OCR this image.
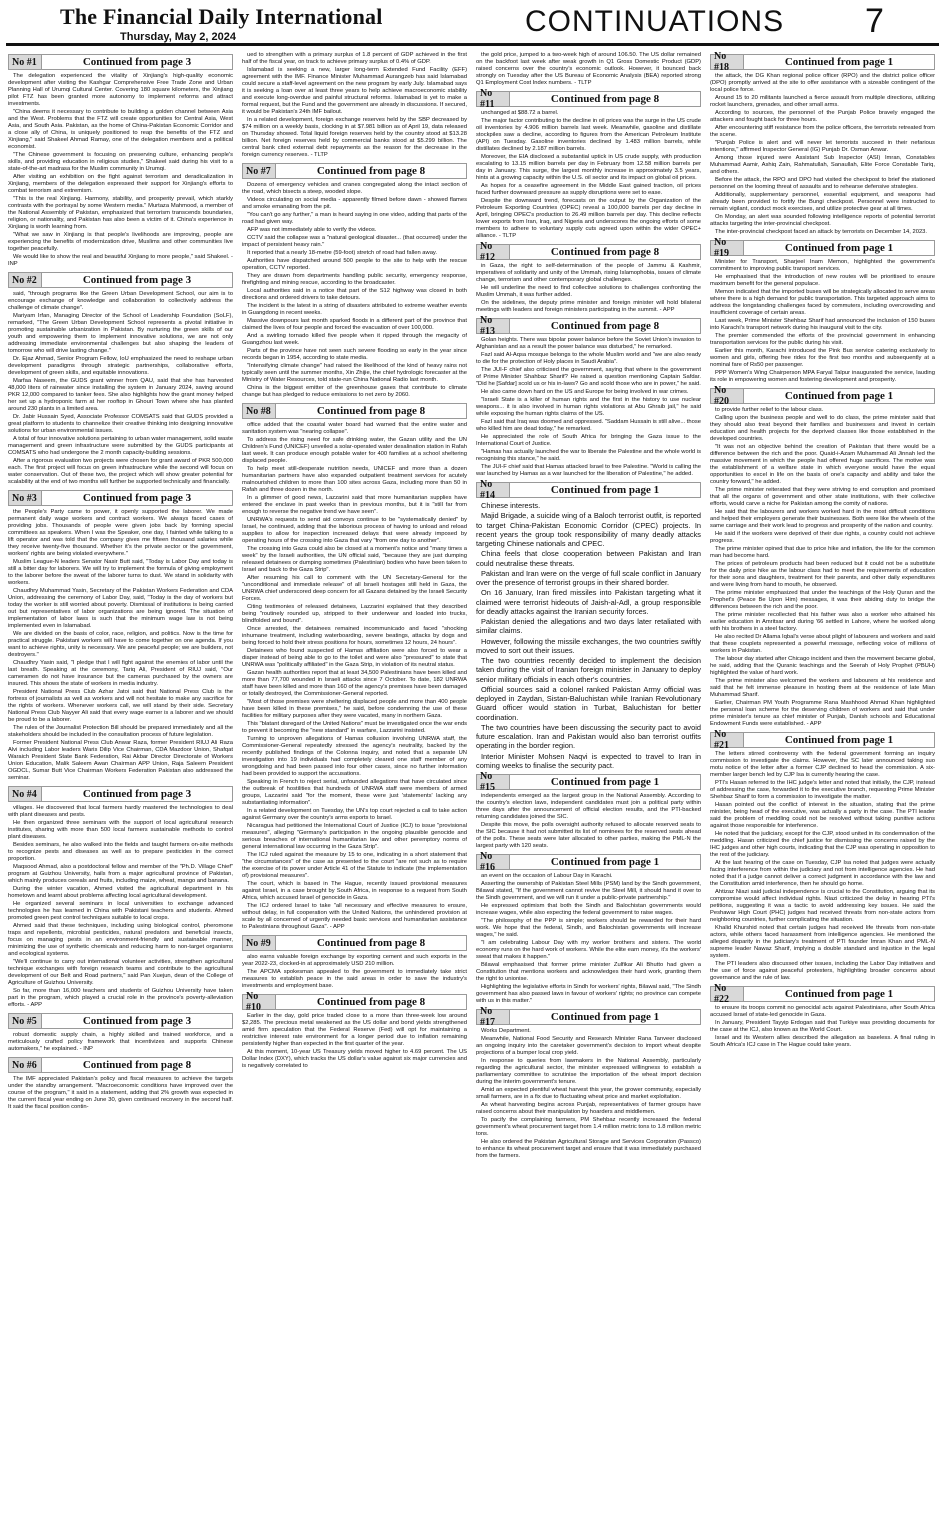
The Financial Daily International
Thursday, May 2, 2024	CONTINUATIONS 7
No #1	Continued from page 3

The delegation experienced the vitality of Xinjiang's high-quality economic development after visiting the Kashgar Comprehensive Free Trade Zone and Urban Planning Hall of Urumqi Cultural Center. Covering 180 square kilometers, the Xinjiang pilot FTZ has been granted more autonomy to implement reforms and attract investments.

"China deems it necessary to contribute to building a golden channel between Asia and the West. Problems that the FTZ will create opportunities for Central Asia, West Asia, and South Asia. Pakistan, as the home of China-Pakistan Economic Corridor and a close ally of China, is uniquely positioned to reap the benefits of the FTZ and Xinjiang," said Shakeel Ahmad Ramay, one of the delegation members and a political economist.

"The Chinese government is focusing on preserving culture, enhancing people's skills, and providing education in religious studies," Shakeel said during his visit to a state-of-the-art madrasa for the Muslim community in Urumqi.

After visiting an exhibition on the fight against terrorism and deradicalization in Xinjiang, members of the delegation expressed their support for Xinjiang's efforts to combat terrorism and extremism.

"This is the real Xinjiang. Harmony, stability, and prosperity prevail, which starkly contrasts with the portrayal by some Western media." Murtaza Mahmood, a member of the National Assembly of Pakistan, emphasized that terrorism transcends boundaries, religion, or nationality, and Pakistan has also been a victim of it. China's experience in Xinjiang is worth learning from.

"What we saw in Xinjiang is that people's livelihoods are improving, people are experiencing the benefits of modernization drive, Muslims and other communities live together peacefully.

We would like to show the real and beautiful Xinjiang to more people," said Shakeel. - INP

No #2	Continued from page 3

said, "through programs like the Green Urban Development School, our aim is to encourage exchange of knowledge and collaboration to collectively address the challenge of climate change".

Mariyam Irfan, Managing Director of the School of Leadership Foundation (SoLF), remarked, "The Green Urban Development School represents a pivotal initiative in promoting sustainable urbanization in Pakistan. By nurturing the green skills of our youth and empowering them to implement innovative solutions, we are not only addressing immediate environmental challenges but also shaping the leaders of tomorrow who will drive lasting change."

Dr. Ejaz Ahmad, Senior Program Fellow, IoU emphasized the need to reshape urban development paradigms through strategic partnerships, collaborative efforts, development of green skills, and equitable innovations.

Marfaa Naseem, the GUDS grant winner from QAU, said that she has harvested 48,000 liters of rainwater since installing the system in January 2024, saving around PKR 12,000 compared to tanker fees. She also highlights how the grant money helped her set up a hydroponic farm at her rooftop in Ghouri Town where she has planted around 230 plants in a limited area.

Dr. Jabir Hussain Syed, Associate Professor COMSATS said that GUDS provided a great platform to students to channelize their creative thinking into designing innovative solutions for urban environmental issues.

A total of four innovative solutions pertaining to urban water management, solid waste management and green infrastructure were submitted by the GUDS participants at COMSATS who had undergone the 2 month capacity-building sessions.

After a rigorous evaluation two projects were chosen for grant award of PKR 500,000 each. The first project will focus on green infrastructure while the second will focus on water conservation. Out of these two, the project which will show greater potential for scalability at the end of two months will further be supported technically and financially.

No #3	Continued from page 3

the People's Party came to power, it openly supported the laborer. We made permanent daily wage workers and contract workers. We always faced cases of providing jobs. Thousands of people were given jobs back by forming special committees as speakers. When I was the Speaker, one day, I fainted while talking to a lift operator and was told that the company gives me fifteen thousand salaries while they receive twenty-five thousand. Whether it's the private sector or the government, workers' rights are being violated everywhere."

Muslim League-N leaders Senator Nasir Butt said, "Today is Labor Day and today is still a bitter day for laborers. We will try to implement the formula of giving employment to the laborer before the sweat of the laborer turns to dust. We stand in solidarity with workers.

Chaudhry Muhammad Yasin, Secretary of the Pakistan Workers Federation and CDA Union, addressing the ceremony of Labor Day, said, "Today is the day of workers but today the worker is still worried about poverty. Dismissal of institutions is being carried out but representatives of labor organizations are being ignored. The situation of implementation of labor laws is such that the minimum wage law is not being implemented even in Islamabad.

We are divided on the basis of color, race, religion, and politics. Now is the time for practical struggle. Pakistani workers will have to come together on one agenda. If you want to achieve rights, unity is necessary. We are peaceful people; we are builders, not destroyers."

Chaudhry Yasin said, "I pledge that I will fight against the enemies of labor until the last breath. Speaking at the ceremony, Tariq Ali, President of RIUJ said, "Our cameramen do not have insurance but the cameras purchased by the owners are insured. This shows the state of workers in media industry.

President National Press Club Azhar Jatoi said that National Press Club is the fortress of journalists as well as workers and will not hesitate to make any sacrifice for the rights of workers. Whenever workers call, we will stand by their side. Secretary National Press Club Nayyer Ali said that every wage earner is a laborer and we should be proud to be a laborer.

The rules of the Journalist Protection Bill should be prepared immediately and all the stakeholders should be included in the consultation process of future legislation.

Former President National Press Club Anwar Raza, former President RIUJ Ali Raza Alvi including Labor leaders Waris Dilip Vice Chairman, CDA Mazdoor Union, Shafqat Waraich President State Bank Federation, Rai Akbar Director Directorate of Workers Union Education, Malik Saleem Awan Chairman APP Union, Raja Saleem President OGDCL, Sumar Butt Vice Chairman Workers Federation Pakistan also addressed the seminar.

No #4	Continued from page 3

villages. He discovered that local farmers hardly mastered the technologies to deal with plant diseases and pests.

He then organized three seminars with the support of local agricultural research institutes, sharing with more than 500 local farmers sustainable methods to control plant diseases.

Besides seminars, he also walked into the fields and taught farmers on-site methods to recognize pests and diseases as well as to prepare pesticides in the correct proportion.

Maqsood Ahmad, also a postdoctoral fellow and member of the "Ph.D. Village Chief" program at Guizhou University, hails from a major agricultural province of Pakistan, which mainly produces cereals and fruits, including maize, wheat, mango and banana.

During the winter vacation, Ahmed visited the agricultural department in his hometown and learnt about problems affecting local agricultural development.

He organized several seminars in local universities to exchange advanced technologies he has learned in China with Pakistani teachers and students. Ahmed promoted green pest control techniques suitable to local crops.

Ahmed said that these techniques, including using biological control, pheromone traps and repellents, microbial pesticides, natural predators and beneficial insects, focus on managing pests in an environment-friendly and sustainable manner, minimizing the use of synthetic chemicals and reducing harm to non-target organisms and ecological systems.

"We'll continue to carry out international volunteer activities, strengthen agricultural technique exchanges with foreign research teams and contribute to the agricultural development of our Belt and Road partners," said Pan Xuejun, dean of the College of Agriculture of Guizhou University.

So far, more than 16,000 teachers and students of Guizhou University have taken part in the program, which played a crucial role in the province's poverty-alleviation efforts. - APP

No #5	Continued from page 3

robust domestic supply chain, a highly skilled and trained workforce, and a meticulously crafted policy framework that incentivizes and supports Chinese automakers," he explained. - INP

No #6	Continued from page 8

The IMF appreciated Pakistan's policy and fiscal measures to achieve the targets under the standby arrangement. "Macroeconomic conditions have improved over the course of the program," it said in a statement, adding that 2% growth was expected in the current fiscal year ending on June 30, given continued recovery in the second half. It said the fiscal position contin-

ued to strengthen with a primary surplus of 1.8 percent of GDP achieved in the first half of the fiscal year, on track to achieve primary surplus of 0.4% of GDP.

Islamabad is seeking a new, larger long-term Extended Fund Facility (EFF) agreement with the IMF. Finance Minister Muhammad Aurangzeb has said Islamabad could secure a staff-level agreement on the new program by early July. Islamabad says it is seeking a loan over at least three years to help achieve macroeconomic stability and execute long-overdue and painful structural reforms. Islamabad is yet to make a formal request, but the Fund and the government are already in discussions. If secured, it would be Pakistan's 24th IMF bailout.

In a related development, foreign exchange reserves held by the SBP decreased by $74 million on a weekly basis, clocking in at $7.981 billion as of April 19, data released on Thursday showed. Total liquid foreign reserves held by the country stood at $13.28 billion. Net foreign reserves held by commercial banks stood at $5.299 billion. The central bank cited external debt repayments as the reason for the decrease in the foreign currency reserves. - TLTP

No #7	Continued from page 8

Dozens of emergency vehicles and cranes congregated along the intact section of the road, which bisects a steep, wooded slope.

Videos circulating on social media - apparently filmed before dawn - showed flames and smoke emanating from the pit.

"You can't go any further," a man is heard saying in one video, adding that parts of the road had given way.

AFP was not immediately able to verify the videos.

CCTV said the collapse was a "natural geological disaster... (that occurred) under the impact of persistent heavy rain."

It reported that a nearly 18-metre (59-foot) stretch of road had fallen away.

Authorities have dispatched around 500 people to the site to help with the rescue operation, CCTV reported.

They are drawn from departments handling public security, emergency response, firefighting and mining rescue, according to the broadcaster.

Local authorities said in a notice that part of the S12 highway was closed in both directions and ordered drivers to take detours.

The incident is the latest in a string of disasters attributed to extreme weather events in Guangdong in recent weeks.

Massive downpours last month sparked floods in a different part of the province that claimed the lives of four people and forced the evacuation of over 100,000.

And a swirling tornado killed five people when it ripped through the megacity of Guangzhou last week.

Parts of the province have not seen such severe flooding so early in the year since records began in 1954, according to state media.

"Intensifying climate change" had raised the likelihood of the kind of heavy rains not typically seen until the summer months, Xin Zhijie, the chief hydrologic forecaster at the Ministry of Water Resources, told state-run China National Radio last month.

China is the biggest emitter of the greenhouse gases that contribute to climate change but has pledged to reduce emissions to net zero by 2060.

No #8	Continued from page 8

office added that the coastal water board had warned that the entire water and sanitation system was "nearing collapse".

To address the rising need for safe drinking water, the Gazan utility and the UN Children's Fund (UNICEF) unveiled a solar-operated water desalination station in Rafah last week. It can produce enough potable water for 400 families at a school sheltering displaced people.

To help meet still-desperate nutrition needs, UNICEF and more than a dozen humanitarian partners have also expanded outpatient treatment services for acutely malnourished children to more than 100 sites across Gaza, including more than 50 in Rafah and three dozen in the north.

In a glimmer of good news, Lazzarini said that more humanitarian supplies have entered the enclave in past weeks than in previous months, but it is "still far from enough to reverse the negative trend we have seen".

UNRWA's requests to send aid convoys continue to be "systematically denied" by Israel, he continued, adding that the laborious process of having to unload and reload supplies to allow for inspection increased delays that were already imposed by operating hours of the crossing into Gaza that vary "from one day to another".

The crossing into Gaza could also be closed at a moment's notice and "many times a week" by the Israeli authorities, the UN official said, "because they are just dumping released detainees or dumping sometimes (Palestinian) bodies who have been taken to Israel and back to the Gaza Strip".

After resuming his call to comment with the UN Secretary-General for the "unconditional and immediate release" of all Israeli hostages still held in Gaza, the UNRWA chief underscored deep concern for all Gazans detained by the Israeli Security Forces.

Citing testimonies of released detainees, Lazzarini explained that they described being "routinely rounded up, stripped to their underwear and loaded into trucks, blindfolded and bound".

Once arrested, the detainees remained incommunicado and faced "shocking inhumane treatment, including waterboarding, severe beatings, attacks by dogs and being forced to hold their stress positions for hours, sometimes 12 hours, 24 hours".

Detainees who found suspected of Hamas affiliation were also forced to wear a diaper instead of being able to go to the toilet and were also "pressured" to state that UNRWA was "politically affiliated" in the Gaza Strip, in violation of its neutral status.

Gazan health authorities report that at least 34,500 Palestinians have been killed and more than 77,700 wounded in Israeli attacks since 7 October. To date, 182 UNRWA staff have been killed and more than 160 of the agency's premises have been damaged or totally destroyed, the Commissioner-General reported.

"Most of those premises were sheltering displaced people and more than 400 people have been killed in these premises," he said, before condemning the use of these facilities for military purposes after they were vacated, many in northern Gaza.

This "blatant disregard of the United Nations" must be investigated once the war ends to prevent it becoming the "new standard" in warfare, Lazzarini insisted.

Turning to unproven allegations of Hamas collusion involving UNRWA staff, the Commissioner-General repeatedly stressed the agency's neutrality, backed by the recently published findings of the Colonna inquiry, and noted that a separate UN investigation into 19 individuals had completely cleared one staff member of any wrongdoing and had been passed into four other cases, since no further information had been provided to support the accusations.

Speaking in French to reject serial, unfounded allegations that have circulated since the outbreak of hostilities that hundreds of UNRWA staff were members of armed groups, Lazzarini said "for the moment, these were just 'statements' lacking any substantiating information".

In a related development on Tuesday, the UN's top court rejected a call to take action against Germany over the country's arms exports to Israel.

Nicaragua had petitioned the International Court of Justice (ICJ) to issue "provisional measures", alleging "Germany's participation in the ongoing plausible genocide and serious breaches of international humanitarian law and other peremptory norms of general international law occurring in the Gaza Strip".

The ICJ ruled against the measure by 15 to one, indicating in a short statement that "the circumstances" of the case as presented to the court "are not such as to require the exercise of its power under Article 41 of the Statute to indicate (the implementation of) provisional measures".

The court, which is based in The Hague, recently issued provisional measures against Israel, in a case brought by South Africa, in response to a request from South Africa, which accused Israel of genocide in Gaza.

The ICJ ordered Israel to take "all necessary and effective measures to ensure, without delay, in full cooperation with the United Nations, the unhindered provision at scale by all concerned of urgently needed basic services and humanitarian assistance to Palestinians throughout Gaza". - APP

No #9	Continued from page 8

also earns valuable foreign exchange by exporting cement and such exports in the year 2022-23, clocked-in at approximately USD 210 million.

The APCMA spokesman appealed to the government to immediately take strict measures to establish peace in the said areas in order to save the industry's investments and employment base.

No #10	Continued from page 8

Earlier in the day, gold price traded close to a more than three-week low around $2,285. The precious metal weakened as the US dollar and bond yields strengthened amid firm speculation that the Federal Reserve (Fed) will opt for maintaining a restrictive interest rate environment for a longer period due to inflation remaining persistently higher than expected in the first quarter of the year.

At this moment, 10-year US Treasury yields moved higher to 4.69 percent. The US Dollar Index (DXY), which tracks the US dollar's value against six major currencies and is negatively correlated to

the gold price, jumped to a two-week high of around 106.50. The US dollar remained on the backfoot last week after weak growth in Q1 Gross Domestic Product (GDP) raised concerns over the country's economic outlook. However, it bounced back strongly on Tuesday after the US Bureau of Economic Analysis (BEA) reported strong Q1 Employment Cost Index numbers. - TLTP

No #11	Continued from page 8

unchanged at $88.72 a barrel.

The major factor contributing to the decline in oil prices was the surge in the US crude oil inventories by 4.906 million barrels last week. Meanwhile, gasoline and distillate stockpiles saw a decline, according to figures from the American Petroleum Institute (API) on Tuesday. Gasoline inventories declined by 1.483 million barrels, while distillates declined by 2.187 million barrels.

Moreover, the EIA disclosed a substantial uptick in US crude supply, with production escalating to 13.15 million barrels per day in February from 12.58 million barrels per day in January. This surge, the largest monthly increase in approximately 3.5 years, hints at a growing capacity within the U.S. oil sector and its impact on global oil prices.

As hopes for a ceasefire agreement in the Middle East gained traction, oil prices faced further downward pressure as supply disruptions were set to ease.

Despite the downward trend, forecasts on the output by the Organization of the Petroleum Exporting Countries (OPEC) reveal a 100,000 barrels per day decline in April, bringing OPEC's production to 26.49 million barrels per day. This decline reflects lower exports from Iran, Iraq, and Nigeria and underscores the ongoing efforts of some members to adhere to voluntary supply cuts agreed upon within the wider OPEC+ alliance. - TLTP

No #12	Continued from page 8

in Gaza, the right to self-determination of the people of Jammu & Kashmir, imperatives of solidarity and unity of the Ummah, rising Islamophobia, issues of climate change, terrorism and other contemporary global challenges.

He will underline the need to find collective solutions to challenges confronting the Muslim Ummah, it was further added.

On the sidelines, the deputy prime minister and foreign minister will hold bilateral meetings with leaders and foreign ministers participating in the summit. - APP

No #13	Continued from page 8

Golan heights. There was bipolar power balance before the Soviet Union's invasion to Afghanistan and as a result the power balance was disturbed," he remarked.

Fazl said Al-Aqsa mosque belongs to the whole Muslim world and "we are also ready to die for the protection of Holy places in Saudi Arabia".

The JUI-F chief also criticised the government, saying that where is the government of Prime Minister Shahbaz Sharif? He raised a question mentioning Captain Safdar. "Did he [Safdar] scold us or his in-laws? Go and scold those who are in power," he said.

He also came down hard on the US and Europe for being involved in war crimes.

"Israeli State is a killer of human rights and the first in the history to use nuclear weapons... it is also involved in human rights violations at Abu Ghraib jail," he said while exposing the human rights claims of the US.

Fazl said that Iraq was doomed and oppressed. "Saddam Hussain is still alive... those who killed him are dead today," he remarked.

He appreciated the role of South Africa for bringing the Gaza issue to the International Court of Justice.

"Hamas has actually launched the war to liberate the Palestine and the whole world is recognising this stance," he said.

The JUI-F chief said that Hamas attacked Israel to free Palestine. "World is calling the war launched by Hamas as a war launched for the liberation of Palestine," he added.

No #14	Continued from page 1

Chinese interests.

Majid Brigade, a suicide wing of a Baloch terrorist outfit, is reported to target China-Pakistan Economic Corridor (CPEC) projects. In recent years the group took responsibility of many deadly attacks targeting Chinese nationals and CPEC.

China feels that close cooperation between Pakistan and Iran could neutralise these threats.

Pakistan and Iran were on the verge of full scale conflict in January over the presence of terrorist groups in their shared border.

On 16 January, Iran fired missiles into Pakistan targeting what it claimed were terrorist hideouts of Jaish-al-Adl, a group responsible for deadly attacks against the Iranian security forces.

Pakistan denied the allegations and two days later retaliated with similar claims.

However, following the missile exchanges, the two countries swiftly moved to sort out their issues.

The two countries recently decided to implement the decision taken during the visit of Iranian foreign minister in January to deploy senior military officials in each other's countries.

Official sources said a colonel ranked Pakistan Army official was deployed in Zaydan, Sistan-Baluchistan while Iranian Revolutionary Guard officer would station in Turbat, Baluchistan for better coordination.

The two countries have been discussing the security pact to avoid future escalation. Iran and Pakistan would also ban terrorist outfits operating in the border region.

Interior Minister Mohsen Naqvi is expected to travel to Iran in coming weeks to finalise the security pact.

No #15	Continued from page 1

independents emerged as the largest group in the National Assembly. According to the country's election laws, independent candidates must join a political party within three days after the announcement of official election results, and the PTI-backed returning candidates joined the SIC.

Despite this move, the polls oversight authority refused to allocate reserved seats to the SIC because it had not submitted its list of nominees for the reserved seats ahead of the polls. These seats were later allocated to other parties, making the PML-N the largest party with 120 seats.

No #16	Continued from page 1

an event on the occasion of Labour Day in Karachi.

Asserting the ownership of Pakistan Steel Mills (PSM) land by the Sindh government, Bilawal stated, "If the government cannot revive the Steel Mill, it should hand it over to the Sindh government, and we will run it under a public-private partnership."

He expressed optimism that both the Sindh and Balochistan governments would increase wages, while also expecting the federal government to raise wages.

"The philosophy of the PPP is simple; workers should be rewarded for their hard work. We hope that the federal, Sindh, and Balochistan governments will increase wages," he said.

"I am celebrating Labour Day with my worker brothers and sisters. The world economy runs on the hard work of workers. While the elite earn money, it's the workers' sweat that makes it happen."

Bilawal emphasised that former prime minister Zulfikar Ali Bhutto had given a Constitution that mentions workers and acknowledges their hard work, granting them the right to unionise.

Highlighting the legislative efforts in Sindh for workers' rights, Bilawal said, "The Sindh government has also passed laws in favour of workers' rights; no province can compete with us in this matter."

No #17	Continued from page 1

Works Department.

Meanwhile, National Food Security and Research Minister Rana Tanveer disclosed an ongoing inquiry into the caretaker government's decision to import wheat despite projections of a bumper local crop yield.

In response to queries from lawmakers in the National Assembly, particularly regarding the agricultural sector, the minister expressed willingness to establish a parliamentary committee to scrutinise the importation of the wheat import decision during the interim government's tenure.

Amid an expected plentiful wheat harvest this year, the grower community, especially small farmers, are in a fix due to fluctuating wheat price and market exploitation.

As wheat harvesting begins across Punjab, representatives of farmer groups have raised concerns about their manipulation by hoarders and middlemen.

To pacify the complaining farmers, PM Shehbaz recently increased the federal government's wheat procurement target from 1.4 million metric tons to 1.8 million metric tons.

He also ordered the Pakistan Agricultural Storage and Services Corporation (Passco) to enhance its wheat procurement target and ensure that it was immediately purchased from the farmers.

No #18	Continued from page 1

the attack, the DG Khan regional police officer (RPO) and the district police officer (DPO) promptly arrived at the site to offer assistance with a sizeable contingent of the local police force.

Around 15 to 20 militants launched a fierce assault from multiple directions, utilizing rocket launchers, grenades, and other small arms.

According to sources, the personnel of the Punjab Police bravely engaged the attackers and fought back for three hours.

After encountering stiff resistance from the police officers, the terrorists retreated from the scene.

"Punjab Police is alert and will never let terrorists succeed in their nefarious intentions," affirmed Inspector General (IG) Punjab Dr. Osman Anwar.

Among those injured were Assistant Sub Inspector (ASI) Imran, Constables Muhammad Aamir, Ashiq Zain, Rahmatullah, Sanaullah, Elite Force Constable Tariq, and others.

Before the attack, the RPO and DPO had visited the checkpost to brief the stationed personnel on the looming threat of assaults and to rehearse defensive strategies.

Additionally, supplementary personnel, essential equipment, and weapons had already been provided to fortify the Bungi checkpost. Personnel were instructed to remain vigilant, conduct mock exercises, and utilize protective gear at all times.

On Monday, an alert was sounded following intelligence reports of potential terrorist attacks targeting the inter-provincial checkpost.

The inter-provincial checkpost faced an attack by terrorists on December 14, 2023.

No #19	Continued from page 1

Minister for Transport, Sharjeel Inam Memon, highlighted the government's commitment to improving public transport services.

He emphasised that the introduction of new routes will be prioritised to ensure maximum benefit for the general populace.

Memon indicated that the imported buses will be strategically allocated to serve areas where there is a high demand for public transportation. This targeted approach aims to address the longstanding challenges faced by commuters, including overcrowding and insufficient coverage of certain areas.

Last week, Prime Minister Shehbaz Sharif had announced the inclusion of 150 buses into Karachi's transport network during his inaugural visit to the city.

The premier commended the efforts of the provincial government in enhancing transportation services for the public during his visit.

Earlier this month, Karachi introduced the Pink Bus service catering exclusively to women and girls, offering free rides for the first two months and subsequently at a nominal fare of Rs50 per passenger.

PPP Women's Wing Chairperson MPA Faryal Talpur inaugurated the service, lauding its role in empowering women and fostering development and prosperity.

No #20	Continued from page 1

to provide further relief to the labour class.

Calling upon the business people and well to do class, the prime minister said that they should also treat beyond their families and businesses and invest in certain education and health projects for the deprived classes like those established in the developed countries.

"It was not an objective behind the creation of Pakistan that there would be a difference between the rich and the poor. Quaid-i-Azam Muhammad Ali Jinnah led the massive movement in which the people had offered huge sacrifices. The motive was the establishment of a welfare state in which everyone would have the equal opportunities to excel in life on the basis of one's capacity and ability and take the country forward," he added.

The prime minister reiterated that they were striving to end corruption and promised that all the organs of government and other state institutions, with their collective efforts, would carve a niche for Pakistan among the comity of nations.

He said that the labourers and workers worked hard in the most difficult conditions and helped their employers generate their businesses. Both were like the wheels of the same carriage and their work lead to progress and prosperity of the nation and country.

He said if the workers were deprived of their due rights, a country could not achieve progress.

The prime minister opined that due to price hike and inflation, the life for the common man had become hard.

The prices of petroleum products had been reduced but it could not be a substitute for the daily price hike as the labour class had to meet the requirements of education for their sons and daughters, treatment for their parents, and other daily expenditures and were living from hand to mouth, he observed.

The prime minister emphasized that under the teachings of the Holy Quran and the Prophet's (Peace Be Upon Him) messages, it was their abiding duty to bridge the differences between the rich and the poor.

The prime minister recollected that his father was also a worker who attained his earlier education in Amritsar and during '66 settled in Lahore, where he worked along with his brothers in a steel factory.

He also recited Dr Allama Iqbal's verse about plight of labourers and workers and said that these couplets represented a powerful message, reflecting voice of millions of workers in Pakistan.

The labour day started after Chicago incident and then the movement became global, he said, adding that the Quranic teachings and the Seerah of Holy Prophet (PBUH) highlighted the value of hard work.

The prime minister also welcomed the workers and labourers at his residence and said that he felt immense pleasure in hosting them at the residence of late Mian Muhammad Sharif.

Earlier, Chairman PM Youth Programme Rana Mashhood Ahmad Khan highlighted the personal loan scheme for the deserving children of workers and said that under prime minister's tenure as chief minister of Punjab, Danish schools and Educational Endowment Funds were established. - APP

No #21	Continued from page 1

The letters stirred controversy with the federal government forming an inquiry commission to investigate the claims. However, the SC later announced taking suo motu notice of the letter after a former CJP declined to head the commission. A six-member larger bench led by CJP Isa is currently hearing the case.

PTI's Hasan referred to the IHC judge's letter and noted that initially, the CJP, instead of addressing the case, forwarded it to the executive branch, requesting Prime Minister Shehbaz Sharif to form a commission to investigate the matter.

Hasan pointed out the conflict of interest in the situation, stating that the prime minister, being head of the executive, was actually a party in the case. The PTI leader said the problem of meddling could not be resolved without taking punitive actions against those responsible for interference.

He noted that the judiciary, except for the CJP, stood united in its condemnation of the meddling. Hasan criticized the chief justice for dismissing the concerns raised by the IHC judges and other high courts, indicating that the CJP was operating in opposition to the rest of the judiciary.

At the last hearing of the case on Tuesday, CJP Isa noted that judges were actually facing interference from within the judiciary and not from intelligence agencies. He had noted that if a judge cannot deliver a correct judgment in accordance with the law and the Constitution amid interference, then he should go home.

Ahtizaz Niazi said judicial independence is crucial to the Constitution, arguing that its compromise would affect individual rights. Niazi criticized the delay in hearing PTI's petitions, suggesting it was a tactic to avoid addressing key issues. He said the Peshawar High Court (PHC) judges had received threats from non-state actors from neighboring countries, further complicating the situation.

Khalid Khurshid noted that certain judges had received life threats from non-state actors, while others faced harassment from intelligence agencies. He mentioned the alleged disparity in the judiciary's treatment of PTI founder Imran Khan and PML-N supreme leader Nawaz Sharif, implying a double standard and injustice in the legal system.

The PTI leaders also discussed other issues, including the Labor Day initiatives and the use of force against peaceful protesters, highlighting broader concerns about governance and the rule of law.

No #22	Continued from page 1

to ensure its troops commit no genocidal acts against Palestinians, after South Africa accused Israel of state-led genocide in Gaza.

In January, President Tayyip Erdogan said that Turkiye was providing documents for the case at the ICJ, also known as the World Court.

Israel and its Western allies described the allegation as baseless. A final ruling in South Africa's ICJ case in The Hague could take years.
